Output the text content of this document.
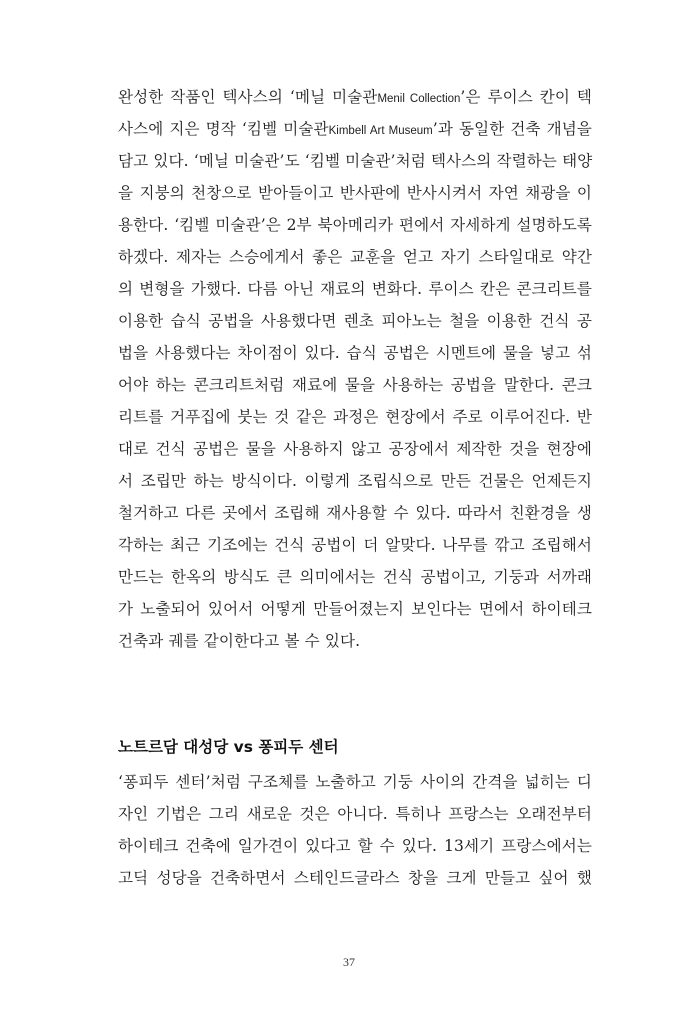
완성한 작품인 텍사스의 ‘메닐 미술관Menil Collection’은 루이스 칸이 텍
사스에 지은 명작 ‘킴벨 미술관Kimbell Art Museum’과 동일한 건축 개념을
담고 있다. ‘메닐 미술관’도 ‘킴벨 미술관’처럼 텍사스의 작렬하는 태양
을 지붕의 천창으로 받아들이고 반사판에 반사시켜서 자연 채광을 이
용한다. ‘킴벨 미술관’은 2부 북아메리카 편에서 자세하게 설명하도록
하겠다. 제자는 스승에게서 좋은 교훈을 얻고 자기 스타일대로 약간
의 변형을 가했다. 다름 아닌 재료의 변화다. 루이스 칸은 콘크리트를
이용한 습식 공법을 사용했다면 렌초 피아노는 철을 이용한 건식 공
법을 사용했다는 차이점이 있다. 습식 공법은 시멘트에 물을 넣고 섞
어야 하는 콘크리트처럼 재료에 물을 사용하는 공법을 말한다. 콘크
리트를 거푸집에 붓는 것 같은 과정은 현장에서 주로 이루어진다. 반
대로 건식 공법은 물을 사용하지 않고 공장에서 제작한 것을 현장에
서 조립만 하는 방식이다. 이렇게 조립식으로 만든 건물은 언제든지
철거하고 다른 곳에서 조립해 재사용할 수 있다. 따라서 친환경을 생
각하는 최근 기조에는 건식 공법이 더 알맞다. 나무를 깎고 조립해서
만드는 한옥의 방식도 큰 의미에서는 건식 공법이고, 기둥과 서까래
가 노출되어 있어서 어떻게 만들어졌는지 보인다는 면에서 하이테크
건축과 궤를 같이한다고 볼 수 있다.
노트르담 대성당 vs 퐁피두 센터
‘퐁피두 센터’처럼 구조체를 노출하고 기둥 사이의 간격을 넓히는 디
자인 기법은 그리 새로운 것은 아니다. 특히나 프랑스는 오래전부터
하이테크 건축에 일가견이 있다고 할 수 있다. 13세기 프랑스에서는
고딕 성당을 건축하면서 스테인드글라스 창을 크게 만들고 싶어 했
37
